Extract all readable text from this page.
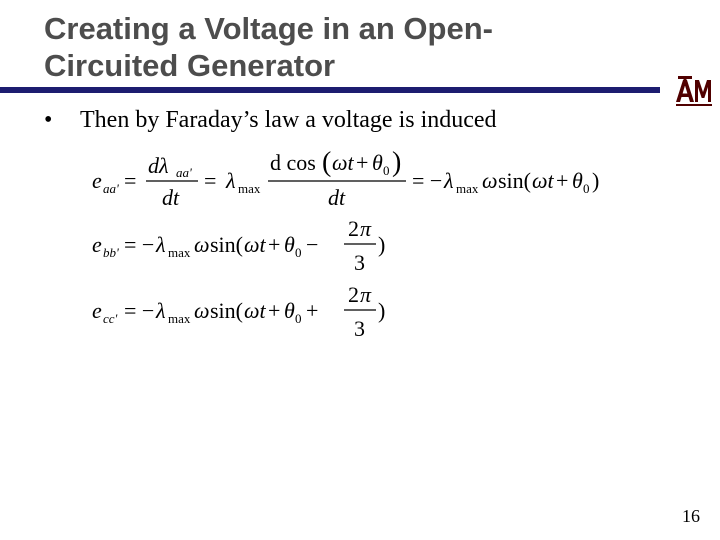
Creating a Voltage in an Open-
Circuited Generator
• Then by Faraday’s law a voltage is induced
e aa' =
dλ aa'
dt
= λ max
d cos ( ωt + θ 0 )
dt
= − λ max ω sin( ωt + θ 0 )
e bb' = − λ max ω sin( ωt + θ 0 −
2 π
3
)
e cc' = − λ max ω sin( ωt + θ 0 +
2 π
3
)
16
